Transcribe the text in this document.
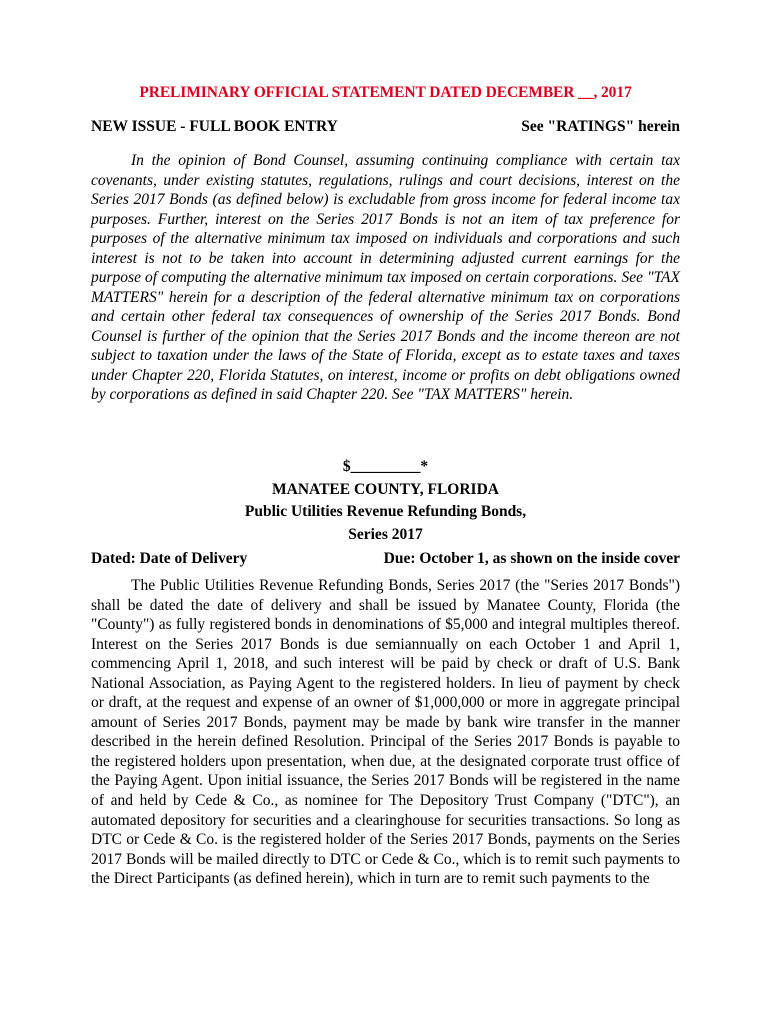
PRELIMINARY OFFICIAL STATEMENT DATED DECEMBER __, 2017
NEW ISSUE - FULL BOOK ENTRY	See "RATINGS" herein

In the opinion of Bond Counsel, assuming continuing compliance with certain tax covenants, under existing statutes, regulations, rulings and court decisions, interest on the Series 2017 Bonds (as defined below) is excludable from gross income for federal income tax purposes. Further, interest on the Series 2017 Bonds is not an item of tax preference for purposes of the alternative minimum tax imposed on individuals and corporations and such interest is not to be taken into account in determining adjusted current earnings for the purpose of computing the alternative minimum tax imposed on certain corporations. See "TAX MATTERS" herein for a description of the federal alternative minimum tax on corporations and certain other federal tax consequences of ownership of the Series 2017 Bonds. Bond Counsel is further of the opinion that the Series 2017 Bonds and the income thereon are not subject to taxation under the laws of the State of Florida, except as to estate taxes and taxes under Chapter 220, Florida Statutes, on interest, income or profits on debt obligations owned by corporations as defined in said Chapter 220. See "TAX MATTERS" herein.

$_________*
MANATEE COUNTY, FLORIDA
Public Utilities Revenue Refunding Bonds,
Series 2017
Dated: Date of Delivery	Due: October 1, as shown on the inside cover

The Public Utilities Revenue Refunding Bonds, Series 2017 (the "Series 2017 Bonds") shall be dated the date of delivery and shall be issued by Manatee County, Florida (the "County") as fully registered bonds in denominations of $5,000 and integral multiples thereof. Interest on the Series 2017 Bonds is due semiannually on each October 1 and April 1, commencing April 1, 2018, and such interest will be paid by check or draft of U.S. Bank National Association, as Paying Agent to the registered holders. In lieu of payment by check or draft, at the request and expense of an owner of $1,000,000 or more in aggregate principal amount of Series 2017 Bonds, payment may be made by bank wire transfer in the manner described in the herein defined Resolution. Principal of the Series 2017 Bonds is payable to the registered holders upon presentation, when due, at the designated corporate trust office of the Paying Agent. Upon initial issuance, the Series 2017 Bonds will be registered in the name of and held by Cede & Co., as nominee for The Depository Trust Company ("DTC"), an automated depository for securities and a clearinghouse for securities transactions. So long as DTC or Cede & Co. is the registered holder of the Series 2017 Bonds, payments on the Series 2017 Bonds will be mailed directly to DTC or Cede & Co., which is to remit such payments to the Direct Participants (as defined herein), which in turn are to remit such payments to the
